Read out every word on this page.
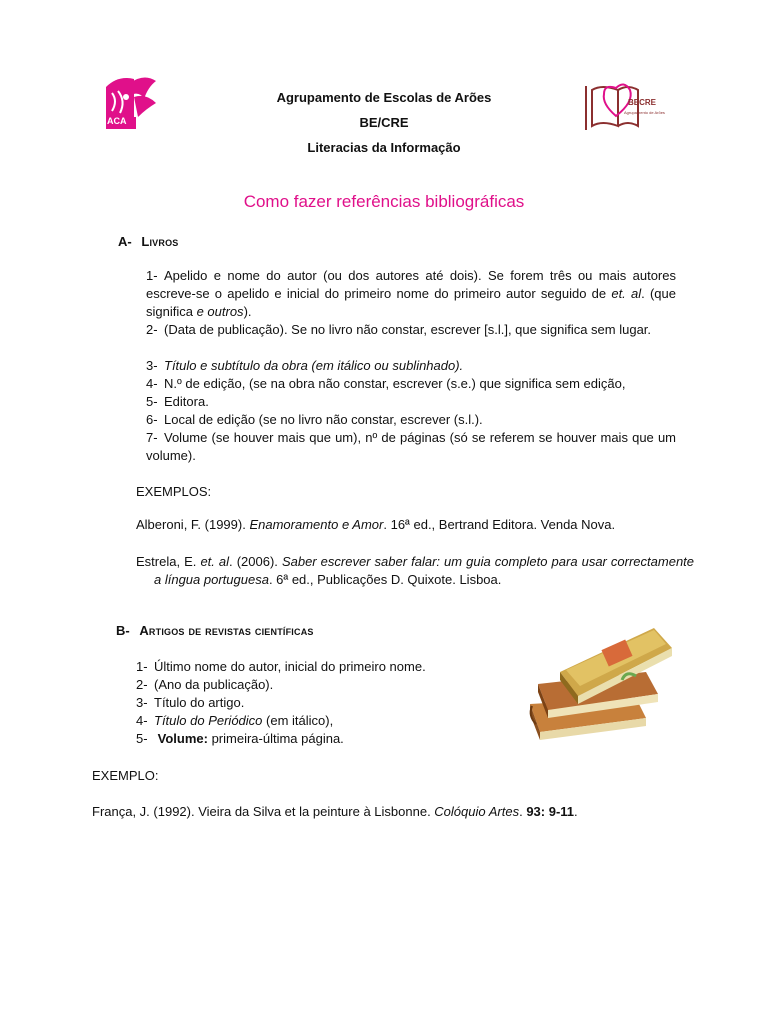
ACA
BECRE
Agrupamento de Arões
Agrupamento de Escolas de Arões
BE/CRE
Literacias da Informação
Como fazer referências bibliográficas
A- Livros
1- Apelido e nome do autor (ou dos autores até dois). Se forem três ou mais autores escreve-se o apelido e inicial do primeiro nome do primeiro autor seguido de et. al. (que significa e outros).
2- (Data de publicação). Se no livro não constar, escrever [s.l.], que significa sem lugar.
3- Título e subtítulo da obra (em itálico ou sublinhado).
4- N.º de edição, (se na obra não constar, escrever (s.e.) que significa sem edição,
5- Editora.
6- Local de edição (se no livro não constar, escrever (s.l.).
7- Volume (se houver mais que um), nº de páginas (só se referem se houver mais que um volume).
EXEMPLOS:
Alberoni, F. (1999). Enamoramento e Amor. 16ª ed., Bertrand Editora. Venda Nova.
Estrela, E. et. al. (2006). Saber escrever saber falar: um guia completo para usar correctamente a língua portuguesa. 6ª ed., Publicações D. Quixote. Lisboa.
B- Artigos de revistas científicas
1- Último nome do autor, inicial do primeiro nome.
2- (Ano da publicação).
3- Título do artigo.
4- Título do Periódico (em itálico),
5- Volume: primeira-última página.
EXEMPLO:
França, J. (1992). Vieira da Silva et la peinture à Lisbonne. Colóquio Artes. 93: 9-11.
